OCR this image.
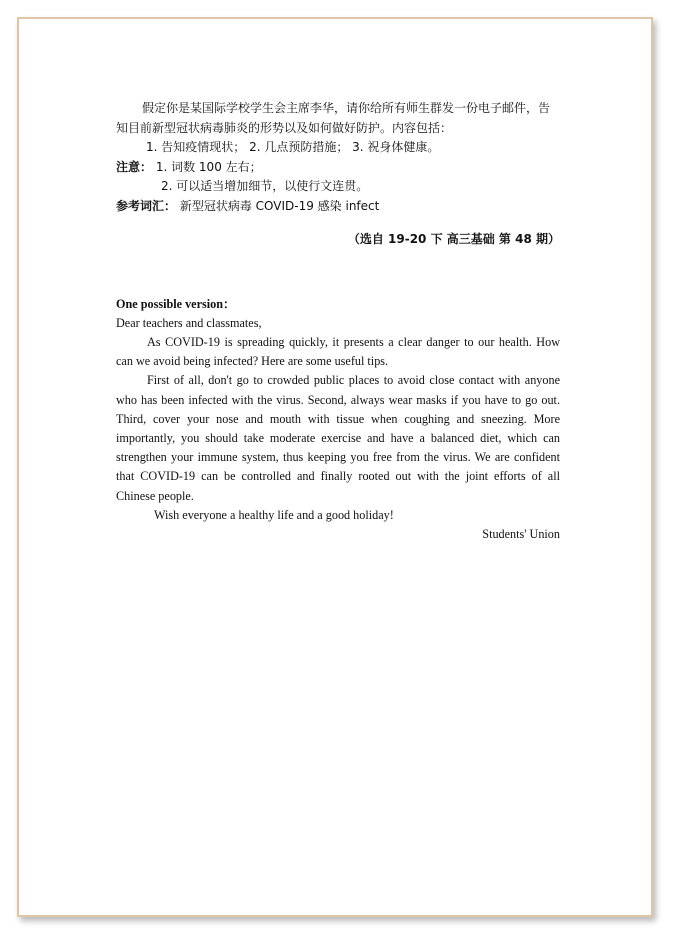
假定你是某国际学校学生会主席李华，请你给所有师生群发一份电子邮件，告知目前新型冠状病毒肺炎的形势以及如何做好防护。内容包括：

1. 告知疫情现状； 2. 几点预防措施； 3. 祝身体健康。

注意： 1. 词数 100 左右；

2. 可以适当增加细节，以使行文连贯。

参考词汇： 新型冠状病毒 COVID-19 感染 infect

（选自 19-20 下 高三基础 第 48 期）

One possible version：

Dear teachers and classmates,

As COVID-19 is spreading quickly, it presents a clear danger to our health. How can we avoid being infected? Here are some useful tips.

First of all, don't go to crowded public places to avoid close contact with anyone who has been infected with the virus. Second, always wear masks if you have to go out. Third, cover your nose and mouth with tissue when coughing and sneezing. More importantly, you should take moderate exercise and have a balanced diet, which can strengthen your immune system, thus keeping you free from the virus. We are confident that COVID-19 can be controlled and finally rooted out with the joint efforts of all Chinese people.

Wish everyone a healthy life and a good holiday!

Students' Union
